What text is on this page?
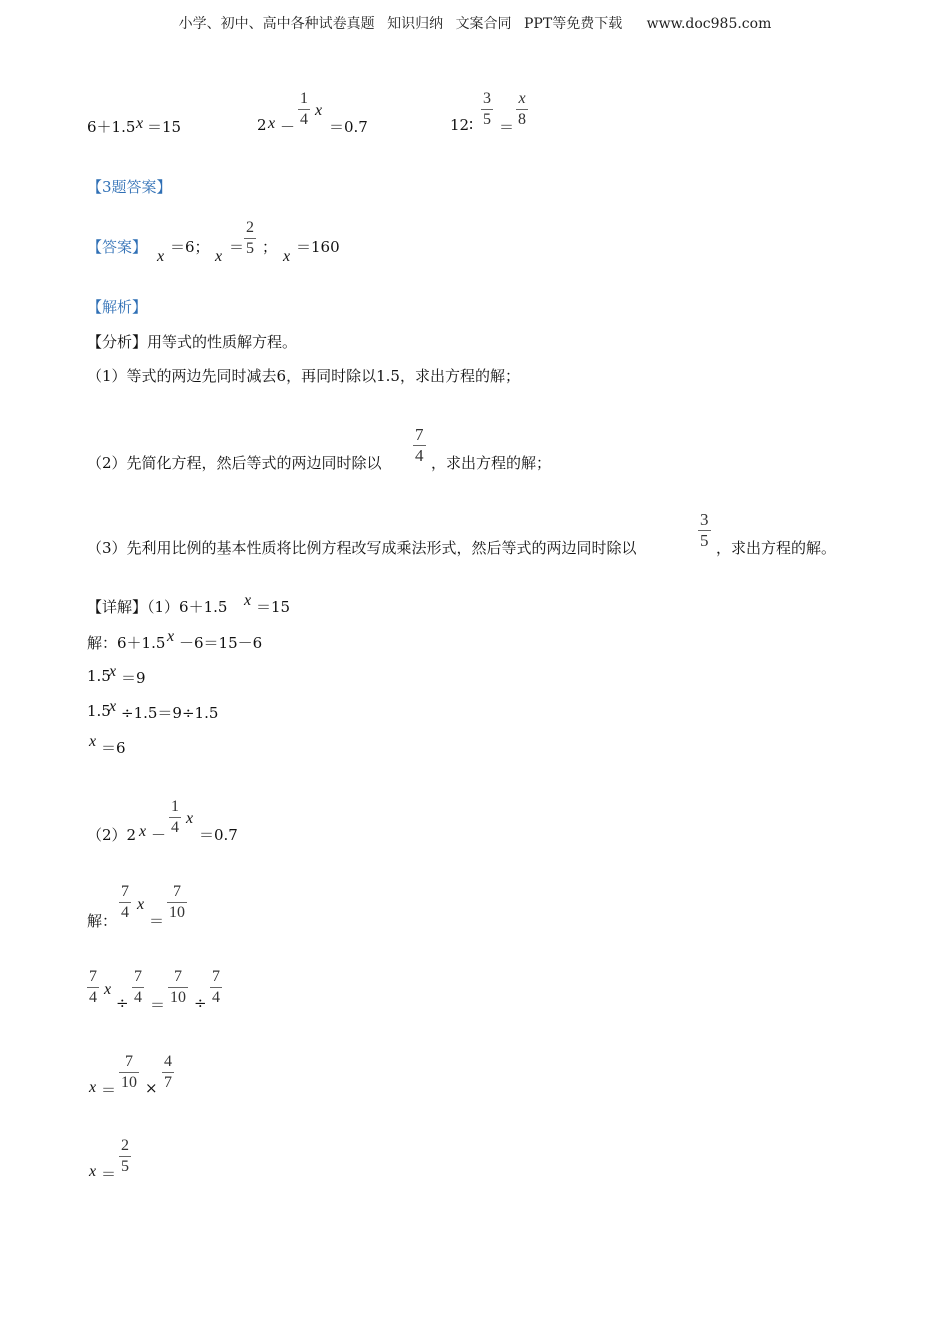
小学、初中、高中各种试卷真题 知识归纳 文案合同 PPT等免费下载 www.doc985.com
6＋1.5 x ＝15	2 x －
1
4
x
＝0.7	12∶
3
5 ＝
x
8
【3题答案】
【答案】
x
＝6；
x
＝
2
5 ；
x
＝160
【解析】
【分析】用等式的性质解方程。
（1）等式的两边先同时减去6，再同时除以1.5，求出方程的解；
（2）先简化方程，然后等式的两边同时除以
7
4 ，求出方程的解；
（3）先利用比例的基本性质将比例方程改写成乘法形式，然后等式的两边同时除以
3
5 ，求出方程的解。
【详解】（1）6＋1.5 x ＝15
解：6＋1.5 x －6＝15－6
1.5
x ＝9
1.5
x ÷1.5＝9÷1.5
x ＝6
（2）2 x －
1
4
x
＝0.7
解：
7
4 x
＝
7
10
7
4 x
÷
7
4 ＝
7
10 ÷
7
4
x ＝
7
10 ×
4
7
x ＝
2
5
